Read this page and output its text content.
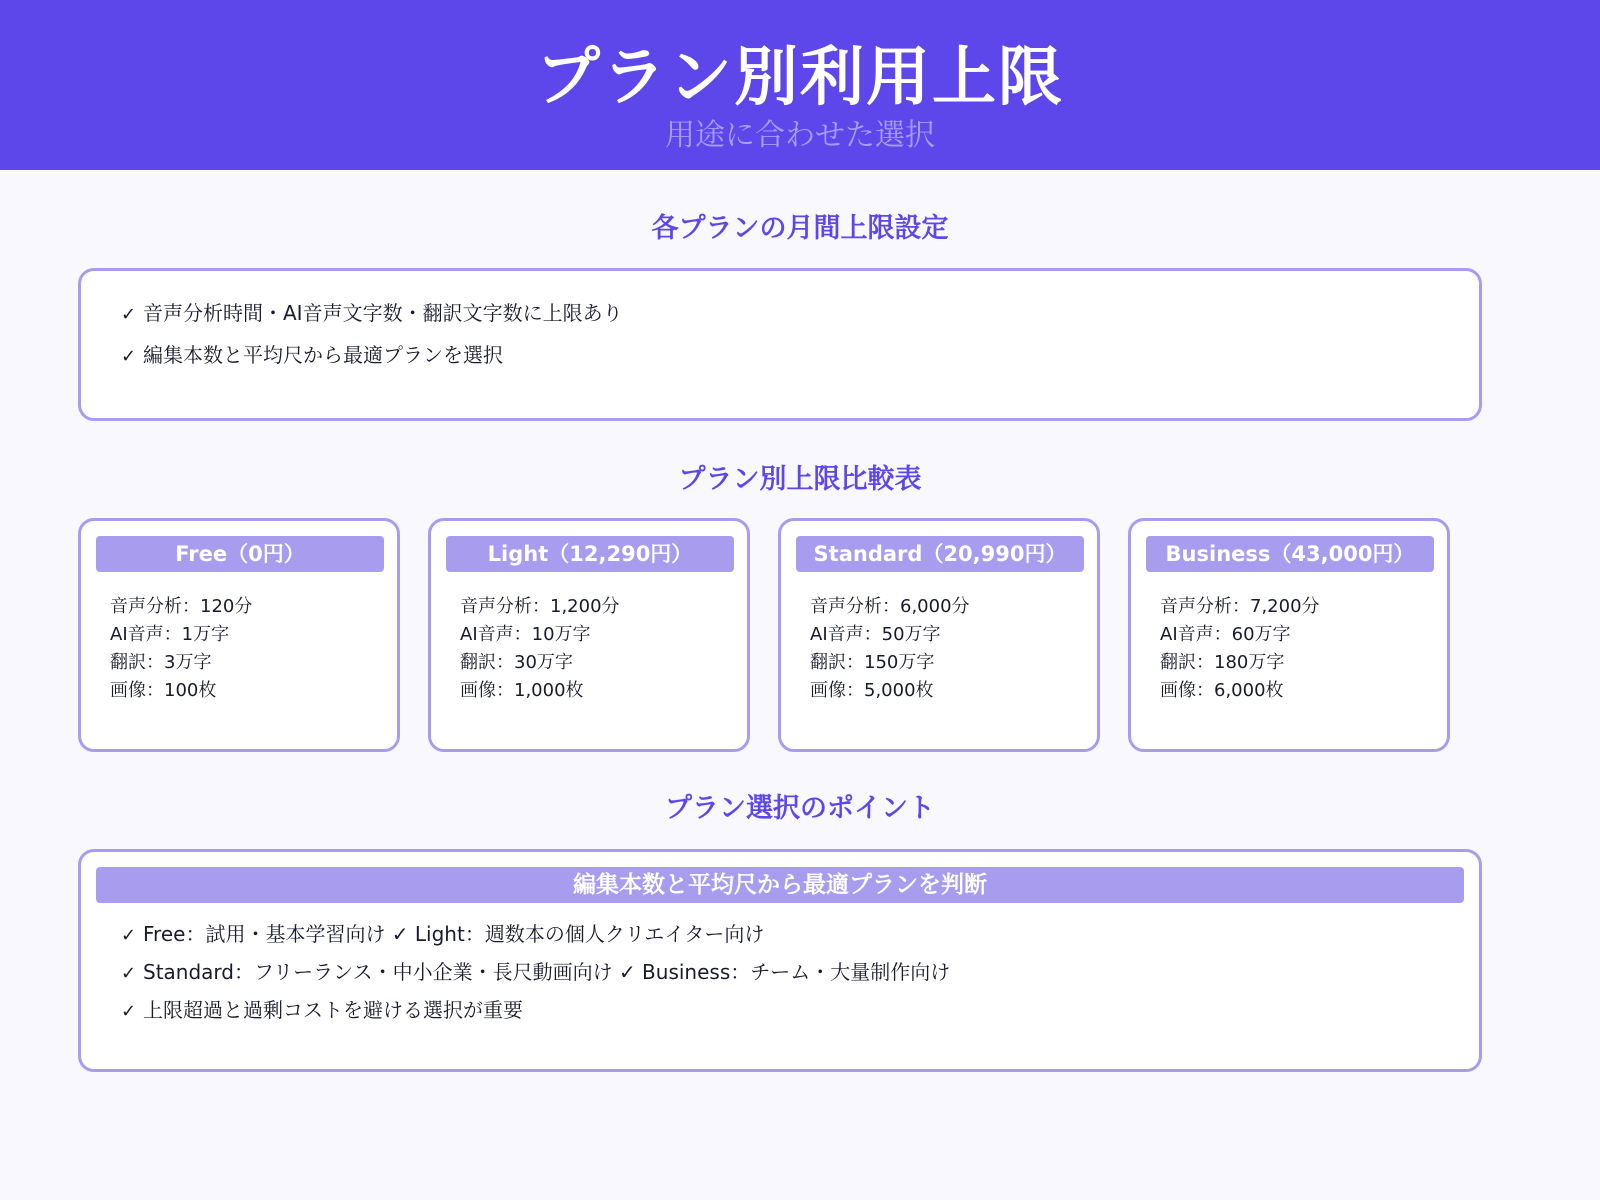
プラン別利用上限
用途に合わせた選択
各プランの月間上限設定
✓ 音声分析時間・AI音声文字数・翻訳文字数に上限あり
✓ 編集本数と平均尺から最適プランを選択
プラン別上限比較表
Free（0円）
音声分析：120分
AI音声：1万字
翻訳：3万字
画像：100枚
Light（12,290円）
音声分析：1,200分
AI音声：10万字
翻訳：30万字
画像：1,000枚
Standard（20,990円）
音声分析：6,000分
AI音声：50万字
翻訳：150万字
画像：5,000枚
Business（43,000円）
音声分析：7,200分
AI音声：60万字
翻訳：180万字
画像：6,000枚
プラン選択のポイント
編集本数と平均尺から最適プランを判断
✓ Free：試用・基本学習向け ✓ Light：週数本の個人クリエイター向け
✓ Standard：フリーランス・中小企業・長尺動画向け ✓ Business：チーム・大量制作向け
✓ 上限超過と過剰コストを避ける選択が重要
